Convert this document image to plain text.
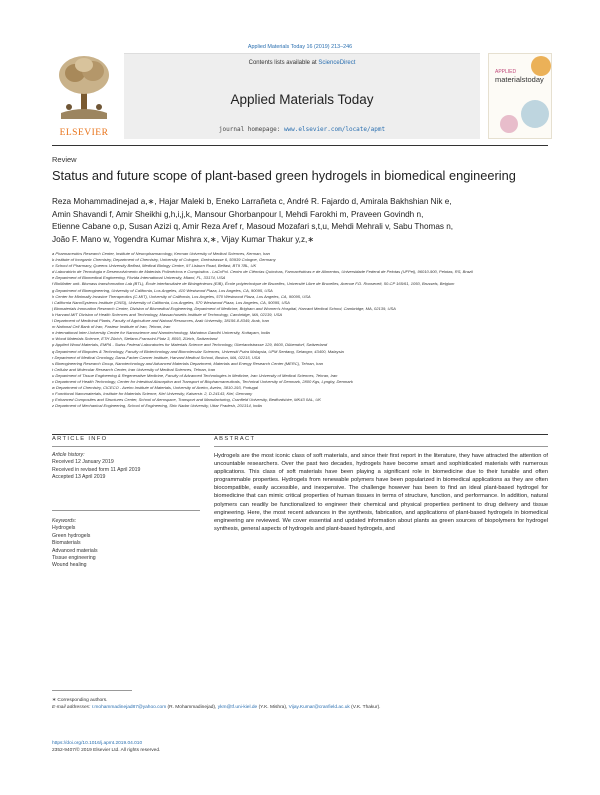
Applied Materials Today 16 (2019) 213–246
ELSEVIER
Contents lists available at ScienceDirect
Applied Materials Today
journal homepage: www.elsevier.com/locate/apmt
APPLIED
materialstoday
Review
Status and future scope of plant-based green hydrogels in biomedical engineering
Reza Mohammadinejad a,∗, Hajar Maleki b, Eneko Larrañeta c, André R. Fajardo d, Amirala Bakhshian Nik e,
Amin Shavandi f, Amir Sheikhi g,h,i,j,k, Mansour Ghorbanpour l, Mehdi Farokhi m, Praveen Govindh n,
Etienne Cabane o,p, Susan Azizi q, Amir Reza Aref r, Masoud Mozafari s,t,u, Mehdi Mehrali v, Sabu Thomas n,
João F. Mano w, Yogendra Kumar Mishra x,∗, Vijay Kumar Thakur y,z,∗
a Pharmaceutics Research Center, Institute of Neuropharmacology, Kerman University of Medical Sciences, Kerman, Iran
b Institute of Inorganic Chemistry, Department of Chemistry, University of Cologne, Greinstrasse 6, 50939 Cologne, Germany
c School of Pharmacy, Queens University Belfast, Medical Biology Centre, 97 Lisburn Road, Belfast, BT9 7BL, UK
d Laboratório de Tecnologia e Desenvolvimento de Materiais Poliméricos e Compósitos - LaCoPol. Centro de Ciências Químicas, Farmacêuticas e de Alimentos, Universidade Federal de Pelotas (UFPel), 96010-900, Pelotas, RS, Brazil
e Department of Biomedical Engineering, Florida International University, Miami, FL, 33174, USA
f BioMatter unit- Biomass transformation Lab (BTL), École interfacultaire de Bioingénieurs (EIB), École polytechnique de Bruxelles, Université Libre de Bruxelles, Avenue F.D. Roosevelt, 50-CP 165/61, 1050, Brussels, Belgium
g Department of Bioengineering, University of California, Los Angeles, 410 Westwood Plaza, Los Angeles, CA, 90095, USA
h Center for Minimally Invasive Therapeutics (C-MIT), University of California, Los Angeles, 570 Westwood Plaza, Los Angeles, CA, 90095, USA
i California NanoSystems Institute (CNSI), University of California, Los Angeles, 570 Westwood Plaza, Los Angeles, CA, 90095, USA
j Biomaterials Innovation Research Center, Division of Biomedical Engineering, Department of Medicine, Brigham and Women's Hospital, Harvard Medical School, Cambridge, MA, 02139, USA
k Harvard-MIT Division of Health Sciences and Technology, Massachusetts Institute of Technology, Cambridge, MA, 02139, USA
l Department of Medicinal Plants, Faculty of Agriculture and Natural Resources, Arak University, 38156-8-8349, Arak, Iran
m National Cell Bank of Iran, Pasteur Institute of Iran, Tehran, Iran
n International Inter-University Centre for Nanoscience and Nanotechnology, Mahatma Gandhi University, Kottayam, India
o Wood Materials Science, ETH Zürich, Stefano-Franscini-Platz 3, 8093, Zürich, Switzerland
p Applied Wood Materials, EMPA - Swiss Federal Laboratories for Materials Science and Technology, Überlandstrasse 129, 8600, Dübendorf, Switzerland
q Department of Biopotes & Technology, Faculty of Biotechnology and Biomolecular Sciences, Universiti Putra Malaysia, UPM Serdang, Selangor, 43400, Malaysia
r Department of Medical Oncology, Dana-Farber Cancer Institute, Harvard Medical School, Boston, MA, 02215, USA
s Bioengineering Research Group, Nanotechnology and Advanced Materials Department, Materials and Energy Research Center (MERC), Tehran, Iran
t Cellular and Molecular Research Center, Iran University of Medical Sciences, Tehran, Iran
u Department of Tissue Engineering & Regenerative Medicine, Faculty of Advanced Technologies in Medicine, Iran University of Medical Sciences, Tehran, Iran
v Department of Health Technology, Center for Intestinal Absorption and Transport of Biopharmaceuticals, Technical University of Denmark, 2800 Kgs, Lyngby, Denmark
w Department of Chemistry, CICECO - Aveiro Institute of Materials, University of Aveiro, Aveiro, 3810-193, Portugal
x Functional Nanomaterials, Institute for Materials Science, Kiel University, Kaiserstr. 2, D-24143, Kiel, Germany
y Enhanced Composites and Structures Center, School of Aerospace, Transport and Manufacturing, Cranfield University, Bedfordshire, MK43 0AL, UK
z Department of Mechanical Engineering, School of Engineering, Shiv Nadar University, Uttar Pradesh, 201314, India
ARTICLE INFO	ABSTRACT
Article history:
Received 12 January 2019
Received in revised form 11 April 2019
Accepted 13 April 2019
Keywords:
Hydrogels
Green hydrogels
Biomaterials
Advanced materials
Tissue engineering
Wound healing
Hydrogels are the most iconic class of soft materials, and since their first report in the literature, they have attracted the attention of uncountable researchers. Over the past two decades, hydrogels have become smart and sophisticated materials with numerous applications. This class of soft materials have been playing a significant role in biomedicine due to their tunable and often programmable properties. Hydrogels from renewable polymers have been popularized in biomedical applications as they are often biocompatible, easily accessible, and inexpensive. The challenge however has been to find an ideal plant-based hydrogel for biomedicine that can mimic critical properties of human tissues in terms of structure, function, and performance. In addition, natural polymers can readily be functionalized to engineer their chemical and physical properties pertinent to drug delivery and tissue engineering. Here, the most recent advances in the synthesis, fabrication, and applications of plant-based hydrogels in biomedical engineering are reviewed. We cover essential and updated information about plants as green sources of biopolymers for hydrogel synthesis, general aspects of hydrogels and plant-based hydrogels, and
∗ Corresponding authors.
E-mail addresses: r.mohammadinejad87@yahoo.com (R. Mohammadinejad), ykm@tf.uni-kiel.de (Y.K. Mishra), Vijay.Kumar@cranfield.ac.uk (V.K. Thakur).
https://doi.org/10.1016/j.apmt.2019.04.010
2352-9407/© 2019 Elsevier Ltd. All rights reserved.
